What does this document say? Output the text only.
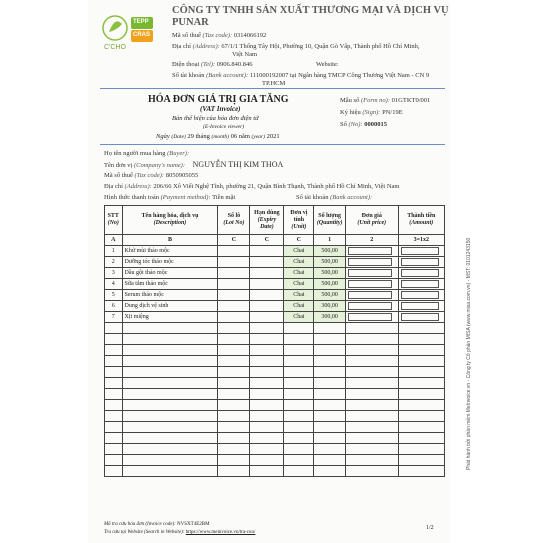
TEPP
CRAS
C'CHO
CÔNG TY TNHH SẢN XUẤT THƯƠNG MẠI VÀ DỊCH VỤ
PUNAR
Mã số thuế (Tax code): 0314066192
Địa chỉ (Address): 67/1/1 Thống Tây Hội, Phường 10, Quận Gò Vấp, Thành phố Hồ Chí Minh,
Việt Nam
Điện thoại (Tel): 0906.840.846	Website:
Số tài khoản (Bank account): 111000192007 tại Ngân hàng TMCP Công Thương Việt Nam - CN 9
TP.HCM
HÓA ĐƠN GIÁ TRỊ GIA TĂNG
(VAT Invoice)
Bản thể hiện của hóa đơn điện tử
(E-Invoice viewer)
Ngày (Date) 29 tháng (month) 06 năm (year) 2021
Mẫu số (Form no): 01GTKT0/001
Ký hiệu (Sign): PN/19E
Số (No): 0000015
Họ tên người mua hàng (Buyer):
Tên đơn vị (Company's name): NGUYỄN THỊ KIM THOA
Mã số thuế (Tax code): 8050905055
Địa chỉ (Address): 206/66 Xô Viết Nghệ Tĩnh, phường 21, Quận Bình Thạnh, Thành phố Hồ Chí Minh, Việt Nam
Hình thức thanh toán (Payment method): Tiền mặt	Số tài khoản (Bank account):
STT
(No)	Tên hàng hóa, dịch vụ
(Description)	Số lô
(Lot No)	Hạn dùng
(Expiry Date)	Đơn vị tính
(Unit)	Số lượng
(Quantity)	Đơn giá
(Unit price)	Thành tiền
(Amount)
A	B	C	C	C	1	2	3=1x2
1	Khử mùi thảo mộc			Chai	500,00		
2	Dưỡng tóc thảo mộc			Chai	500,00		
3	Dầu gội thảo mộc			Chai	500,00		
4	Sữa tắm thảo mộc			Chai	500,00		
5	Serum thảo mộc			Chai	500,00		
6	Dung dịch vệ sinh			Chai	300,00		
7	Xịt miệng			Chai	300,00		

Mã tra cứu hóa đơn (Invoice code): NVSXT4E2BM
Tra cứu tại Website (Search in Website): https://www.meinvoice.vn/tra-cuu/
1/2
Phát hành bởi phần mềm MeInvoice.vn - Công ty Cổ phần MISA (www.misa.com.vn) - MST: 0101243150
